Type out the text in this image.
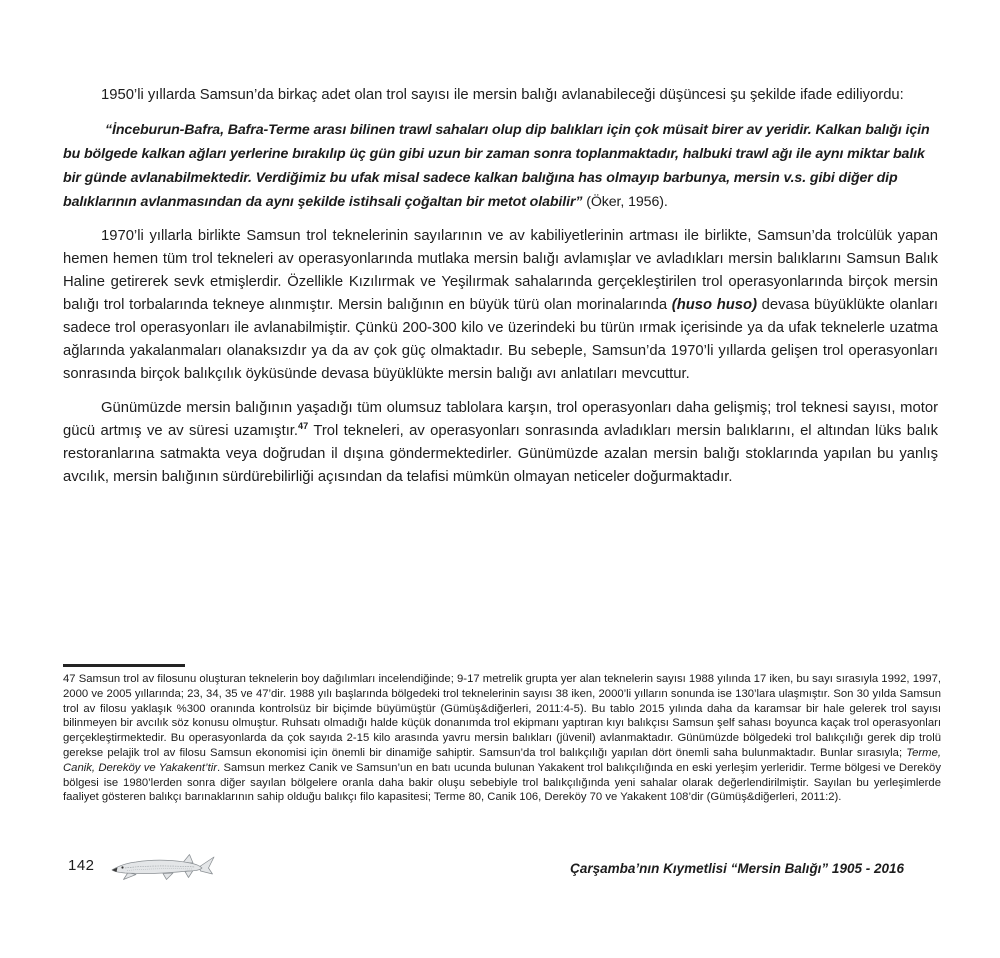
1950’li yıllarda Samsun’da birkaç adet olan trol sayısı ile mersin balığı avlanabileceği düşüncesi şu şekilde ifade ediliyordu:

“İnceburun-Bafra, Bafra-Terme arası bilinen trawl sahaları olup dip balıkları için çok müsait birer av yeridir. Kalkan balığı için bu bölgede kalkan ağları yerlerine bırakılıp üç gün gibi uzun bir zaman sonra toplanmaktadır, halbuki trawl ağı ile aynı miktar balık bir günde avlanabilmektedir. Verdiğimiz bu ufak misal sadece kalkan balığına has olmayıp barbunya, mersin v.s. gibi diğer dip balıklarının avlanmasından da aynı şekilde istihsali çoğaltan bir metot olabilir” (Öker, 1956).

1970’li yıllarla birlikte Samsun trol teknelerinin sayılarının ve av kabiliyetlerinin artması ile birlikte, Samsun’da trolcülük yapan hemen hemen tüm trol tekneleri av operasyonlarında mutlaka mersin balığı avlamışlar ve avladıkları mersin balıklarını Samsun Balık Haline getirerek sevk etmişlerdir. Özellikle Kızılırmak ve Yeşilırmak sahalarında gerçekleştirilen trol operasyonlarında birçok mersin balığı trol torbalarında tekneye alınmıştır. Mersin balığının en büyük türü olan morinalarında (huso huso) devasa büyüklükte olanları sadece trol operasyonları ile avlanabilmiştir. Çünkü 200-300 kilo ve üzerindeki bu türün ırmak içerisinde ya da ufak teknelerle uzatma ağlarında yakalanmaları olanaksızdır ya da av çok güç olmaktadır. Bu sebeple, Samsun’da 1970’li yıllarda gelişen trol operasyonları sonrasında birçok balıkçılık öyküsünde devasa büyüklükte mersin balığı avı anlatıları mevcuttur.

Günümüzde mersin balığının yaşadığı tüm olumsuz tablolara karşın, trol operasyonları daha gelişmiş; trol teknesi sayısı, motor gücü artmış ve av süresi uzamıştır.$^{47}$ Trol tekneleri, av operasyonları sonrasında avladıkları mersin balıklarını, el altından lüks balık restoranlarına satmakta veya doğrudan il dışına göndermektedirler. Günümüzde azalan mersin balığı stoklarında yapılan bu yanlış avcılık, mersin balığının sürdürebilirliği açısından da telafisi mümkün olmayan neticeler doğurmaktadır.

47 Samsun trol av filosunu oluşturan teknelerin boy dağılımları incelendiğinde; 9-17 metrelik grupta yer alan teknelerin sayısı 1988 yılında 17 iken, bu sayı sırasıyla 1992, 1997, 2000 ve 2005 yıllarında; 23, 34, 35 ve 47’dir. 1988 yılı başlarında bölgedeki trol teknelerinin sayısı 38 iken, 2000’li yılların sonunda ise 130’lara ulaşmıştır. Son 30 yılda Samsun trol av filosu yaklaşık %300 oranında kontrolsüz bir biçimde büyümüştür (Gümüş&diğerleri, 2011:4-5). Bu tablo 2015 yılında daha da karamsar bir hale gelerek trol sayısı bilinmeyen bir avcılık söz konusu olmuştur. Ruhsatı olmadığı halde küçük donanımda trol ekipmanı yaptıran kıyı balıkçısı Samsun şelf sahası boyunca kaçak trol operasyonları gerçekleştirmektedir. Bu operasyonlarda da çok sayıda 2-15 kilo arasında yavru mersin balıkları (jüvenil) avlanmaktadır. Günümüzde bölgedeki trol balıkçılığı gerek dip trolü gerekse pelajik trol av filosu Samsun ekonomisi için önemli bir dinamiğe sahiptir. Samsun’da trol balıkçılığı yapılan dört önemli saha bulunmaktadır. Bunlar sırasıyla; Terme, Canik, Dereköy ve Yakakent’tir. Samsun merkez Canik ve Samsun’un en batı ucunda bulunan Yakakent trol balıkçılığında en eski yerleşim yerleridir. Terme bölgesi ve Dereköy bölgesi ise 1980’lerden sonra diğer sayılan bölgelere oranla daha bakir oluşu sebebiyle trol balıkçılığında yeni sahalar olarak değerlendirilmiştir. Sayılan bu yerleşimlerde faaliyet gösteren balıkçı barınaklarının sahip olduğu balıkçı filo kapasitesi; Terme 80, Canik 106, Dereköy 70 ve Yakakent 108’dir (Gümüş&diğerleri, 2011:2).
142	Çarşamba’nın Kıymetlisi “Mersin Balığı” 1905 - 2016
